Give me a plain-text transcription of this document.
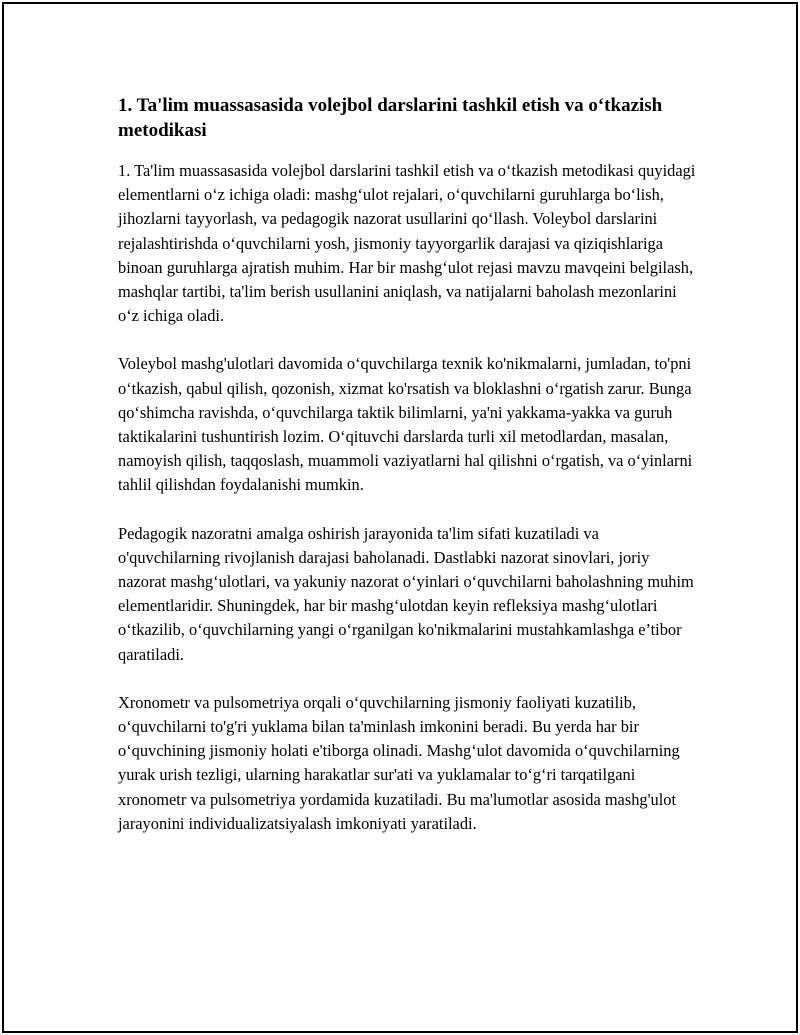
1. Ta'lim muassasasida volejbol darslarini tashkil etish va o‘tkazish metodikasi

1. Ta'lim muassasasida volejbol darslarini tashkil etish va o‘tkazish metodikasi quyidagi elementlarni o‘z ichiga oladi: mashg‘ulot rejalari, o‘quvchilarni guruhlarga bo‘lish, jihozlarni tayyorlash, va pedagogik nazorat usullarini qo‘llash. Voleybol darslarini rejalashtirishda o‘quvchilarni yosh, jismoniy tayyorgarlik darajasi va qiziqishlariga binoan guruhlarga ajratish muhim. Har bir mashg‘ulot rejasi mavzu mavqeini belgilash, mashqlar tartibi, ta'lim berish usullanini aniqlash, va natijalarni baholash mezonlarini o‘z ichiga oladi.

Voleybol mashg'ulotlari davomida o‘quvchilarga texnik ko'nikmalarni, jumladan, to'pni o‘tkazish, qabul qilish, qozonish, xizmat ko'rsatish va bloklashni o‘rgatish zarur. Bunga qo‘shimcha ravishda, o‘quvchilarga taktik bilimlarni, ya'ni yakkama-yakka va guruh taktikalarini tushuntirish lozim. O‘qituvchi darslarda turli xil metodlardan, masalan, namoyish qilish, taqqoslash, muammoli vaziyatlarni hal qilishni o‘rgatish, va o‘yinlarni tahlil qilishdan foydalanishi mumkin.

Pedagogik nazoratni amalga oshirish jarayonida ta'lim sifati kuzatiladi va o'quvchilarning rivojlanish darajasi baholanadi. Dastlabki nazorat sinovlari, joriy nazorat mashg‘ulotlari, va yakuniy nazorat o‘yinlari o‘quvchilarni baholashning muhim elementlaridir. Shuningdek, har bir mashg‘ulotdan keyin refleksiya mashg‘ulotlari o‘tkazilib, o‘quvchilarning yangi o‘rganilgan ko'nikmalarini mustahkamlashga e’tibor qaratiladi.

Xronometr va pulsometriya orqali o‘quvchilarning jismoniy faoliyati kuzatilib, o‘quvchilarni to'g'ri yuklama bilan ta'minlash imkonini beradi. Bu yerda har bir o‘quvchining jismoniy holati e'tiborga olinadi. Mashg‘ulot davomida o‘quvchilarning yurak urish tezligi, ularning harakatlar sur'ati va yuklamalar to‘g‘ri tarqatilgani xronometr va pulsometriya yordamida kuzatiladi. Bu ma'lumotlar asosida mashg'ulot jarayonini individualizatsiyalash imkoniyati yaratiladi.
